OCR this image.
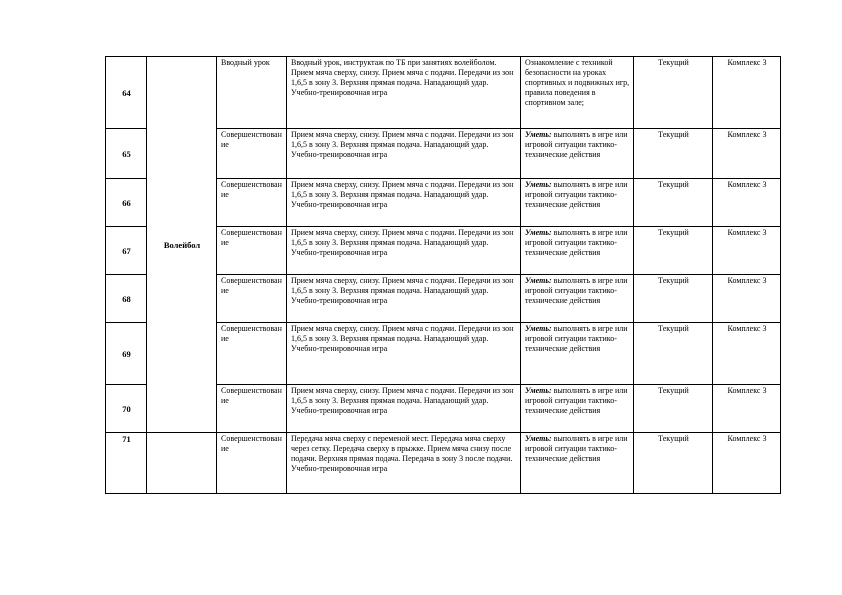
64	Волейбол	Вводный урок	Вводный урок, инструктаж по ТБ при занятиях волейболом. Прием мяча сверху, снизу. Прием мяча с подачи. Передачи из зон 1,6,5 в зону 3. Верхняя прямая подача. Нападающий удар. Учебно-тренировочная игра	Ознакомление с техникой безопасности на уроках спортивных и подвижных игр, правила поведения в спортивном зале;	Текущий	Комплекс 3
65		Совершенствование	Прием мяча сверху, снизу. Прием мяча с подачи. Передачи из зон 1,6,5 в зону 3. Верхняя прямая подача. Нападающий удар. Учебно-тренировочная игра	Уметь: выполнять в игре или игровой ситуации тактико-технические действия	Текущий	Комплекс 3
66		Совершенствование	Прием мяча сверху, снизу. Прием мяча с подачи. Передачи из зон 1,6,5 в зону 3. Верхняя прямая подача. Нападающий удар. Учебно-тренировочная игра	Уметь: выполнять в игре или игровой ситуации тактико-технические действия	Текущий	Комплекс 3
67		Совершенствование	Прием мяча сверху, снизу. Прием мяча с подачи. Передачи из зон 1,6,5 в зону 3. Верхняя прямая подача. Нападающий удар. Учебно-тренировочная игра	Уметь: выполнять в игре или игровой ситуации тактико-технические действия	Текущий	Комплекс 3
68		Совершенствование	Прием мяча сверху, снизу. Прием мяча с подачи. Передачи из зон 1,6,5 в зону 3. Верхняя прямая подача. Нападающий удар. Учебно-тренировочная игра	Уметь: выполнять в игре или игровой ситуации тактико-технические действия	Текущий	Комплекс 3
69		Совершенствование	Прием мяча сверху, снизу. Прием мяча с подачи. Передачи из зон 1,6,5 в зону 3. Верхняя прямая подача. Нападающий удар. Учебно-тренировочная игра	Уметь: выполнять в игре или игровой ситуации тактико-технические действия	Текущий	Комплекс 3
70		Совершенствование	Прием мяча сверху, снизу. Прием мяча с подачи. Передачи из зон 1,6,5 в зону 3. Верхняя прямая подача. Нападающий удар. Учебно-тренировочная игра	Уметь: выполнять в игре или игровой ситуации тактико-технические действия	Текущий	Комплекс 3
71		Совершенствование	Передача мяча сверху с переменой мест. Передача мяча сверху через сетку. Передача сверху в прыжке. Прием мяча снизу после подачи. Верхняя прямая подача. Передача в зону 3 после подачи. Учебно-тренировочная игра	Уметь: выполнять в игре или игровой ситуации тактико-технические действия	Текущий	Комплекс 3
